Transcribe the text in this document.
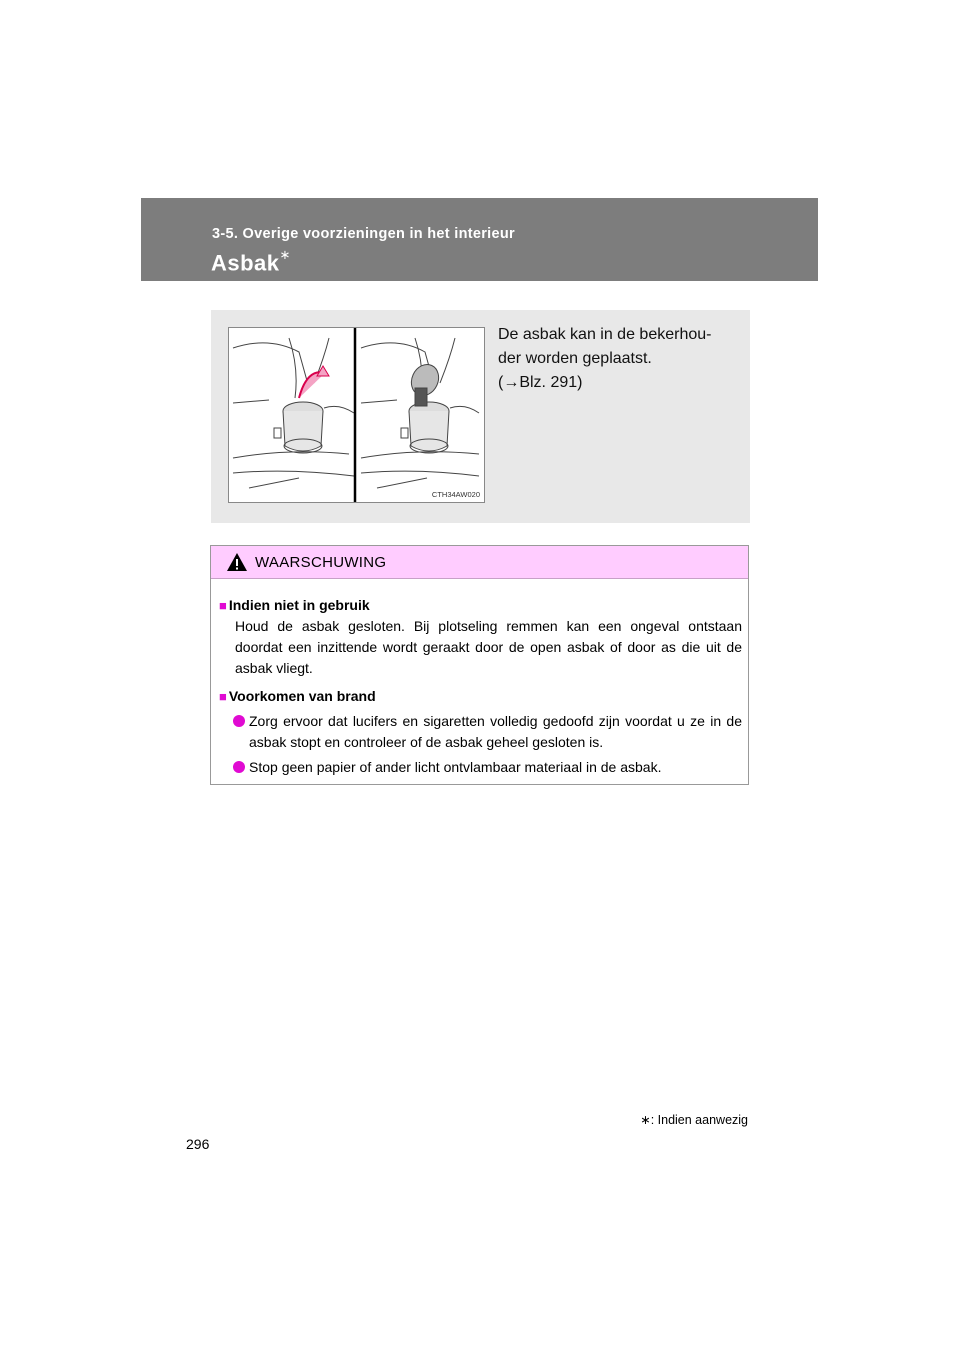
3-5. Overige voorzieningen in het interieur
Asbak∗
CTH34AW020
De asbak kan in de bekerhou-
der worden geplaatst.
(→Blz. 291)
WAARSCHUWING
■ Indien niet in gebruik
Houd de asbak gesloten. Bij plotseling remmen kan een ongeval ontstaan doordat een inzittende wordt geraakt door de open asbak of door as die uit de asbak vliegt.
■ Voorkomen van brand
Zorg ervoor dat lucifers en sigaretten volledig gedoofd zijn voordat u ze in de asbak stopt en controleer of de asbak geheel gesloten is.
Stop geen papier of ander licht ontvlambaar materiaal in de asbak.
∗: Indien aanwezig
296
